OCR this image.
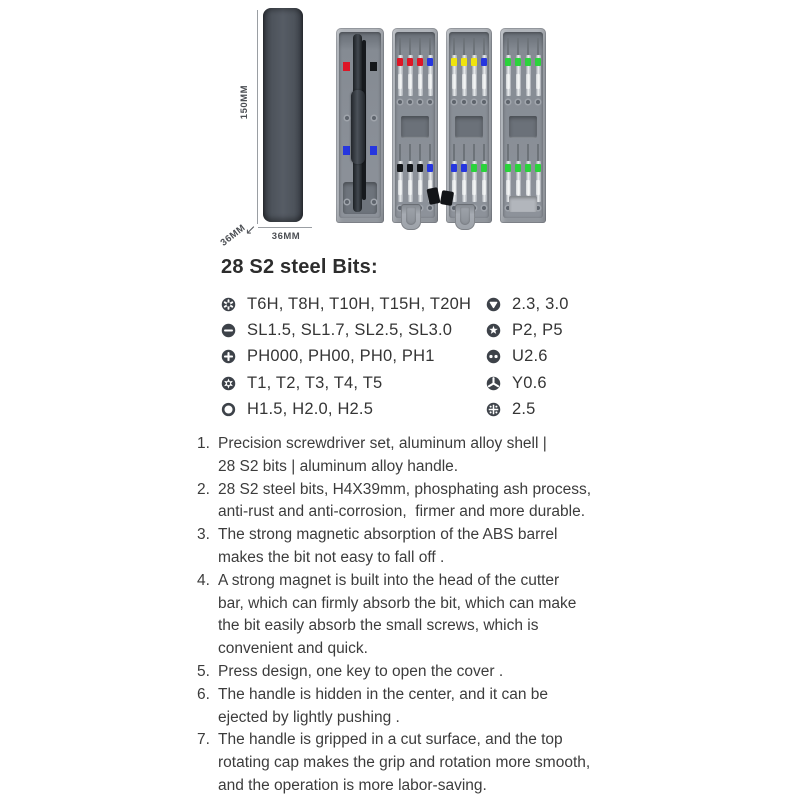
150MM
↙	36MM
36MM
28 S2 steel Bits:
T6H, T8H, T10H, T15H, T20H
SL1.5, SL1.7, SL2.5, SL3.0
PH000, PH00, PH0, PH1
T1, T2, T3, T4, T5
H1.5, H2.0, H2.5
2.3, 3.0
P2, P5
U2.6
Y0.6
2.5
1. Precision screwdriver set, aluminum alloy shell |
28 S2 bits | aluminum alloy handle.
2. 28 S2 steel bits, H4X39mm, phosphating ash process,
anti-rust and anti-corrosion,  firmer and more durable.
3. The strong magnetic absorption of the ABS barrel
makes the bit not easy to fall off .
4. A strong magnet is built into the head of the cutter
bar, which can firmly absorb the bit, which can make
the bit easily absorb the small screws, which is
convenient and quick.
5. Press design, one key to open the cover .
6. The handle is hidden in the center, and it can be
ejected by lightly pushing .
7. The handle is gripped in a cut surface, and the top
rotating cap makes the grip and rotation more smooth,
and the operation is more labor-saving.
